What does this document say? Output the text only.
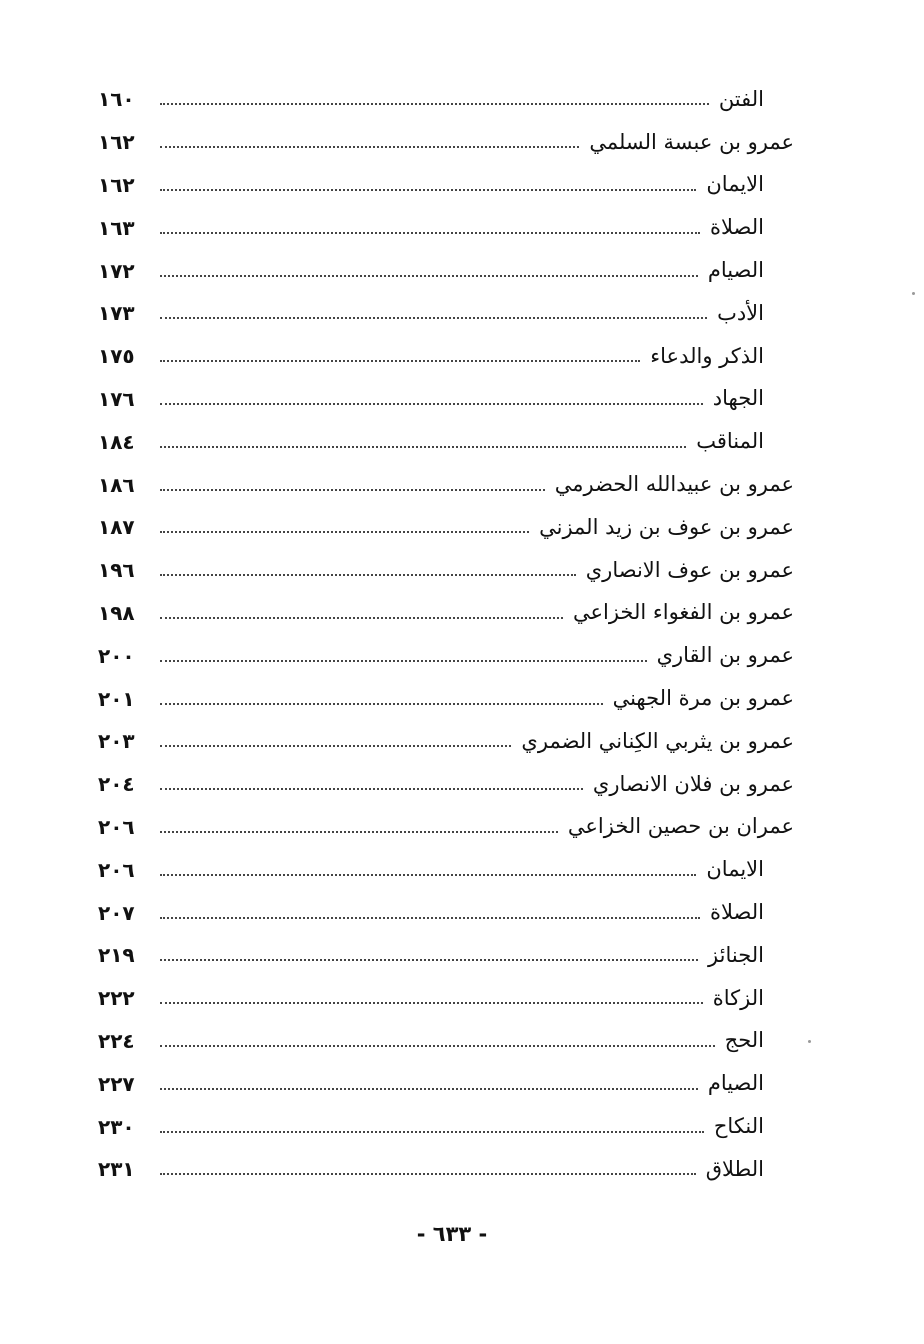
الفتن
١٦٠
عمرو بن عبسة السلمي
١٦٢
الايمان
١٦٢
الصلاة
١٦٣
الصيام
١٧٢
الأدب
١٧٣
الذكر والدعاء
١٧٥
الجهاد
١٧٦
المناقب
١٨٤
عمرو بن عبيدالله الحضرمي
١٨٦
عمرو بن عوف بن زيد المزني
١٨٧
عمرو بن عوف الانصاري
١٩٦
عمرو بن الفغواء الخزاعي
١٩٨
عمرو بن القاري
٢٠٠
عمرو بن مرة الجهني
٢٠١
عمرو بن يثربي الكِناني الضمري
٢٠٣
عمرو بن فلان الانصاري
٢٠٤
عمران بن حصين الخزاعي
٢٠٦
الايمان
٢٠٦
الصلاة
٢٠٧
الجنائز
٢١٩
الزكاة
٢٢٢
الحج
٢٢٤
الصيام
٢٢٧
النكاح
٢٣٠
الطلاق
٢٣١
- ٦٣٣ -
